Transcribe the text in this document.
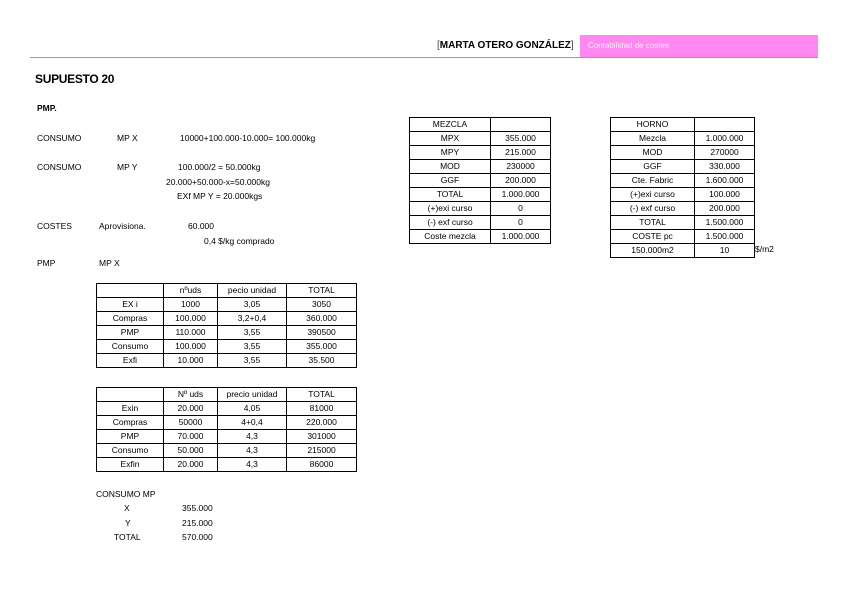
[MARTA OTERO GONZÁLEZ]	Contabilidad de costes
SUPUESTO 20
PMP.
CONSUMO	MP X	10000+100.000-10.000= 100.000kg
CONSUMO	MP Y	100.000/2 = 50.000kg
20.000+50.000-x=50.000kg
EXf MP Y = 20.000kgs
COSTES	Aprovisiona.	60.000
0,4 $/kg comprado
PMP	MP X
	nºuds	pecio unidad	TOTAL
EX i	1000	3,05	3050
Compras	100.000	3,2+0,4	360.000
PMP	110.000	3,55	390500
Consumo	100.000	3,55	355.000
Exfi	10.000	3,55	35.500
	Nº uds	precio unidad	TOTAL
Exin	20.000	4,05	81000
Compras	50000	4+0,4	220.000
PMP	70.000	4,3	301000
Consumo	50.000	4,3	215000
Exfin	20.000	4,3	86000
CONSUMO MP
X	355.000
Y	215.000
TOTAL	570.000
MEZCLA	
MPX	355.000
MPY	215.000
MOD	230000
GGF	200.000
TOTAL	1.000.000
(+)exi curso	0
(-) exf curso	0
Coste mezcla	1.000.000
HORNO	
Mezcla	1.000.000
MOD	270000
GGF	330.000
Cte. Fabric	1.600.000
(+)exi curso	100.000
(-) exf curso	200.000
TOTAL	1.500.000
COSTE pc	1.500.000
150.000m2	10	$/m2
